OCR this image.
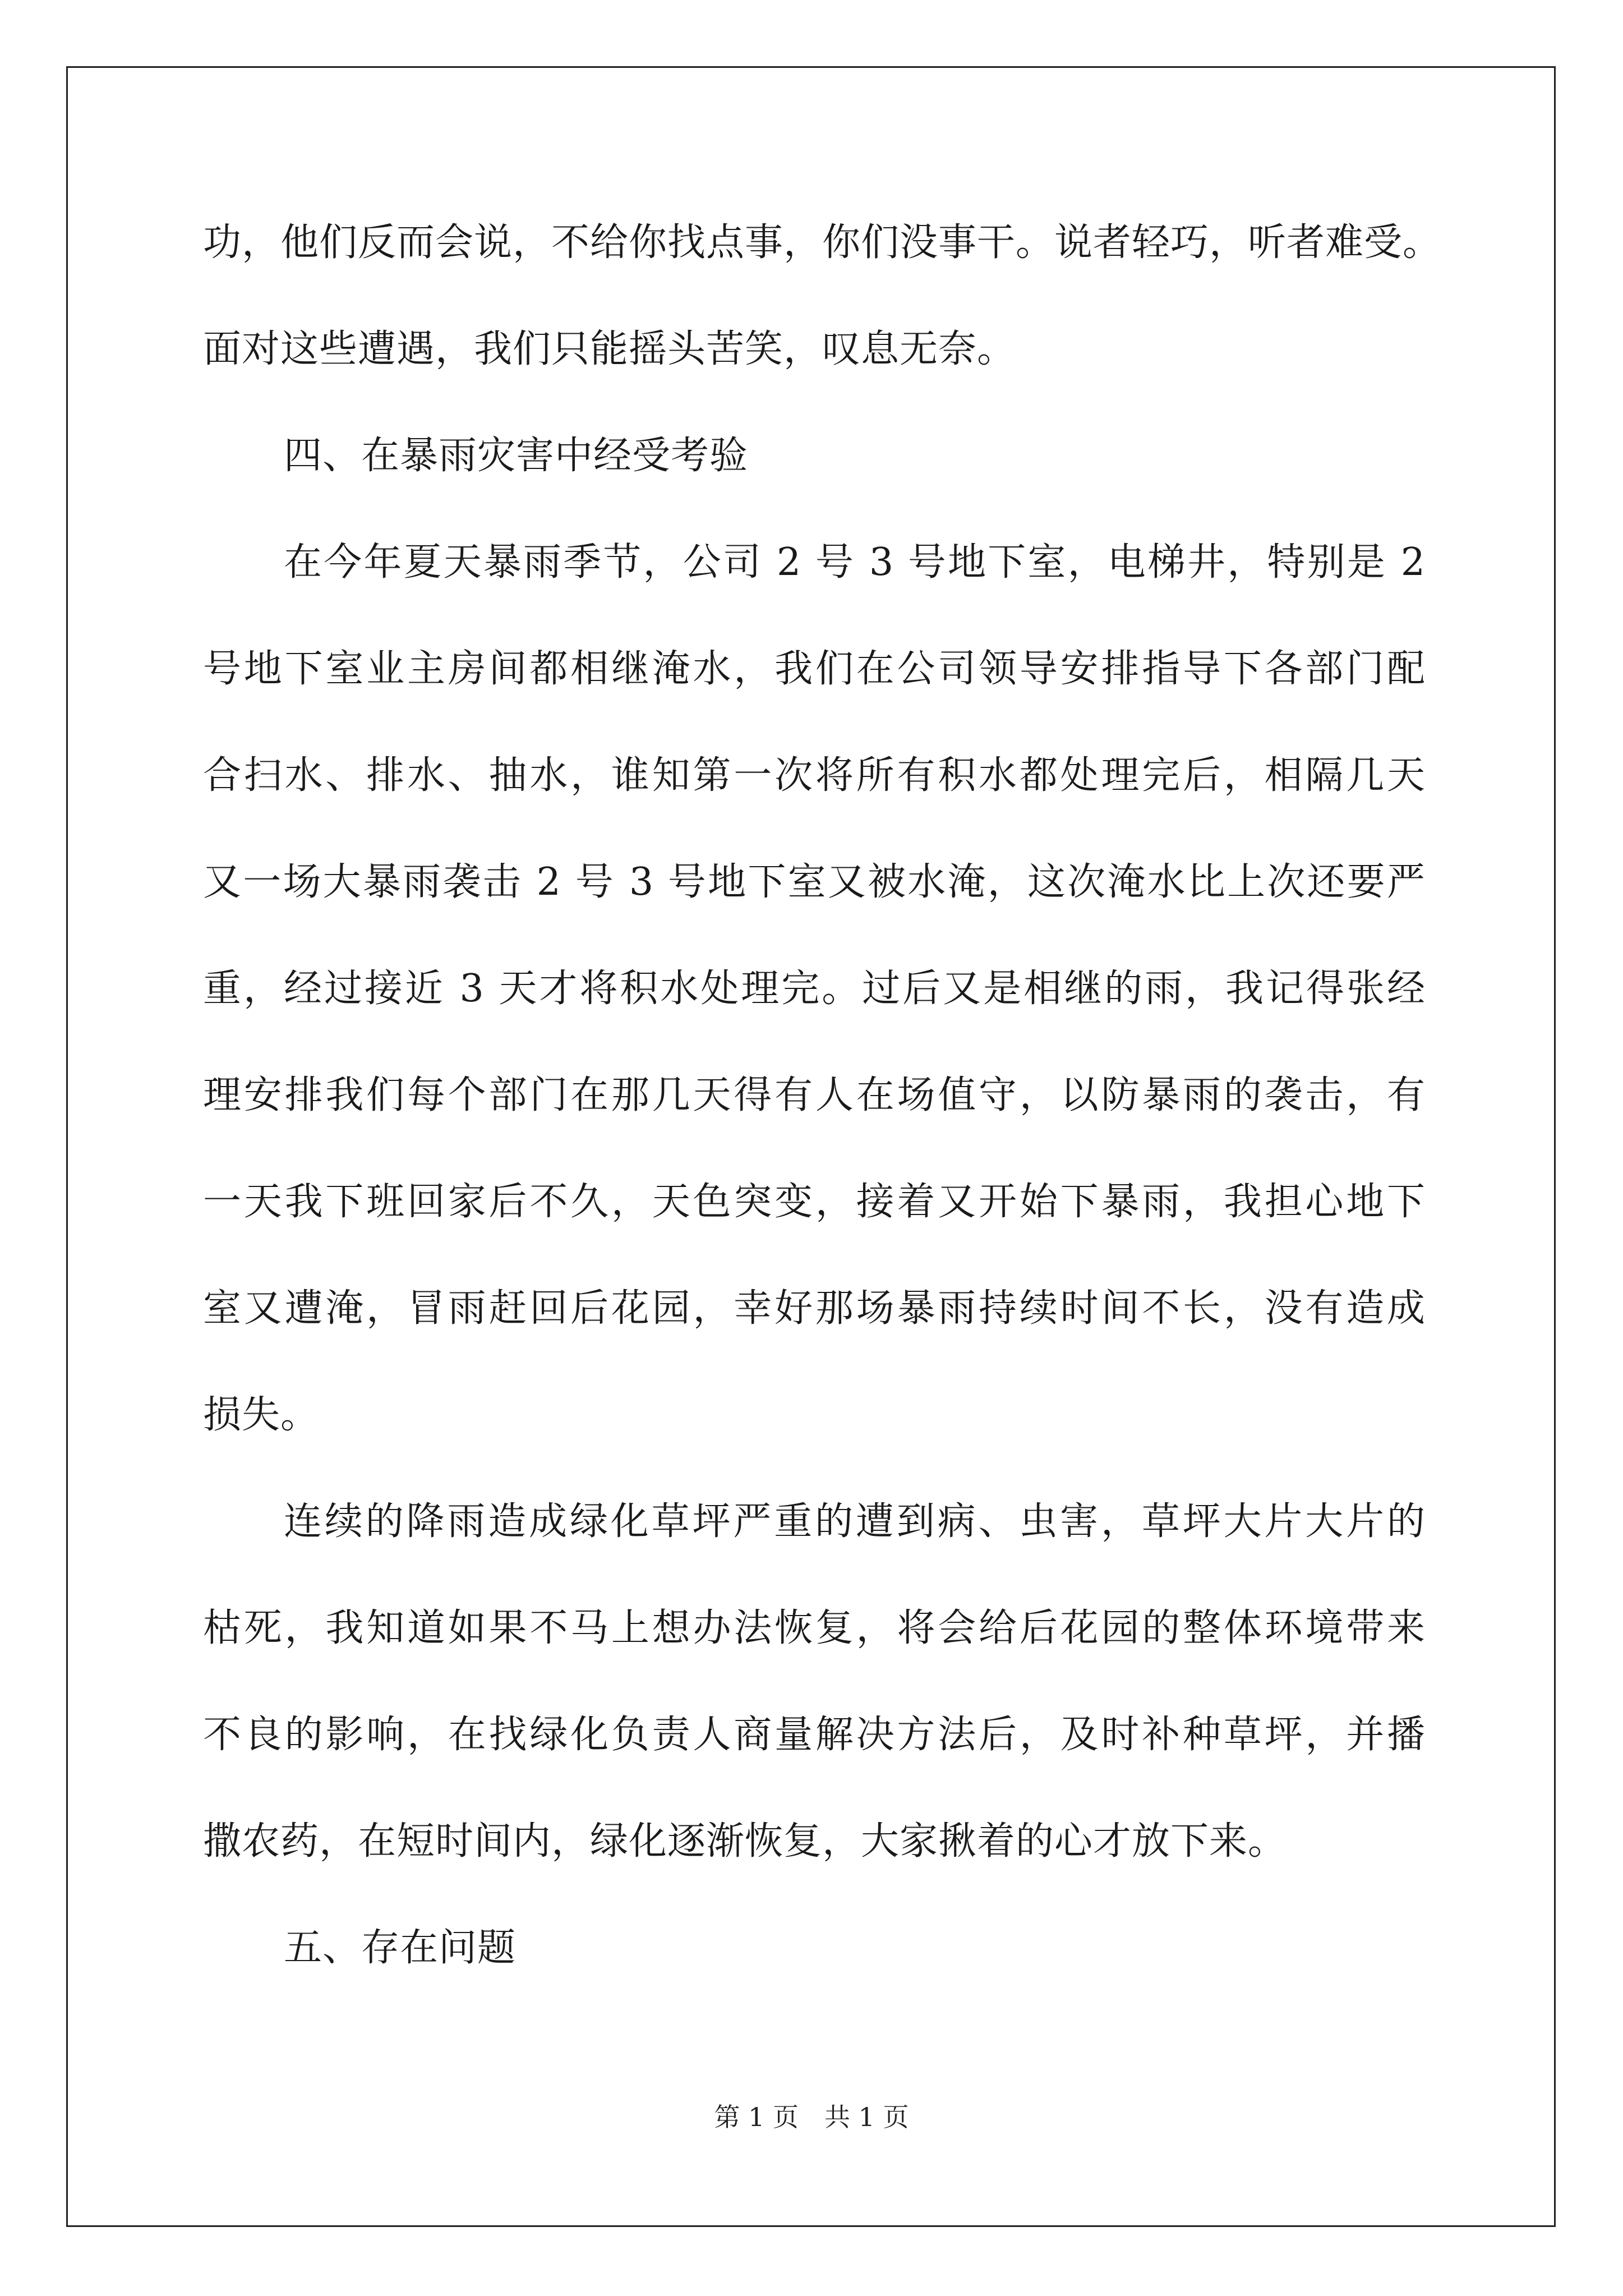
功，他们反而会说，不给你找点事，你们没事干。说者轻巧，听者难受。
面对这些遭遇，我们只能摇头苦笑，叹息无奈。
四、在暴雨灾害中经受考验
在今年夏天暴雨季节，公司 2 号 3 号地下室，电梯井，特别是 2
号地下室业主房间都相继淹水，我们在公司领导安排指导下各部门配
合扫水、排水、抽水，谁知第一次将所有积水都处理完后，相隔几天
又一场大暴雨袭击 2 号 3 号地下室又被水淹，这次淹水比上次还要严
重，经过接近 3 天才将积水处理完。过后又是相继的雨，我记得张经
理安排我们每个部门在那几天得有人在场值守，以防暴雨的袭击，有
一天我下班回家后不久，天色突变，接着又开始下暴雨，我担心地下
室又遭淹，冒雨赶回后花园，幸好那场暴雨持续时间不长，没有造成
损失。
连续的降雨造成绿化草坪严重的遭到病、虫害，草坪大片大片的
枯死，我知道如果不马上想办法恢复，将会给后花园的整体环境带来
不良的影响，在找绿化负责人商量解决方法后，及时补种草坪，并播
撒农药，在短时间内，绿化逐渐恢复，大家揪着的心才放下来。
五、存在问题
第 1 页　共 1 页
